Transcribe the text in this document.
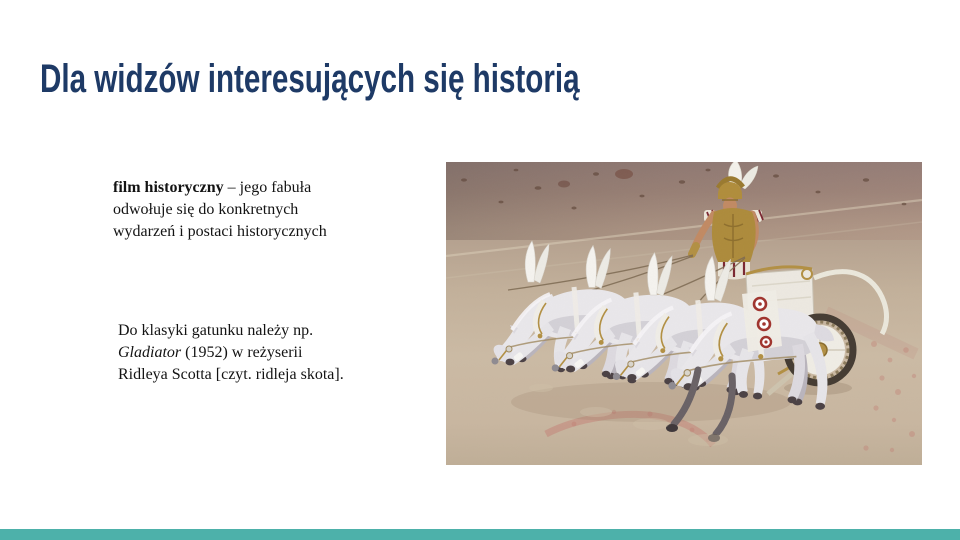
Dla widzów interesujących się historią

film historyczny – jego fabuła
odwołuje się do konkretnych
wydarzeń i postaci historycznych

Do klasyki gatunku należy np.
Gladiator (1952) w reżyserii
Ridleya Scotta [czyt. ridleja skota].
